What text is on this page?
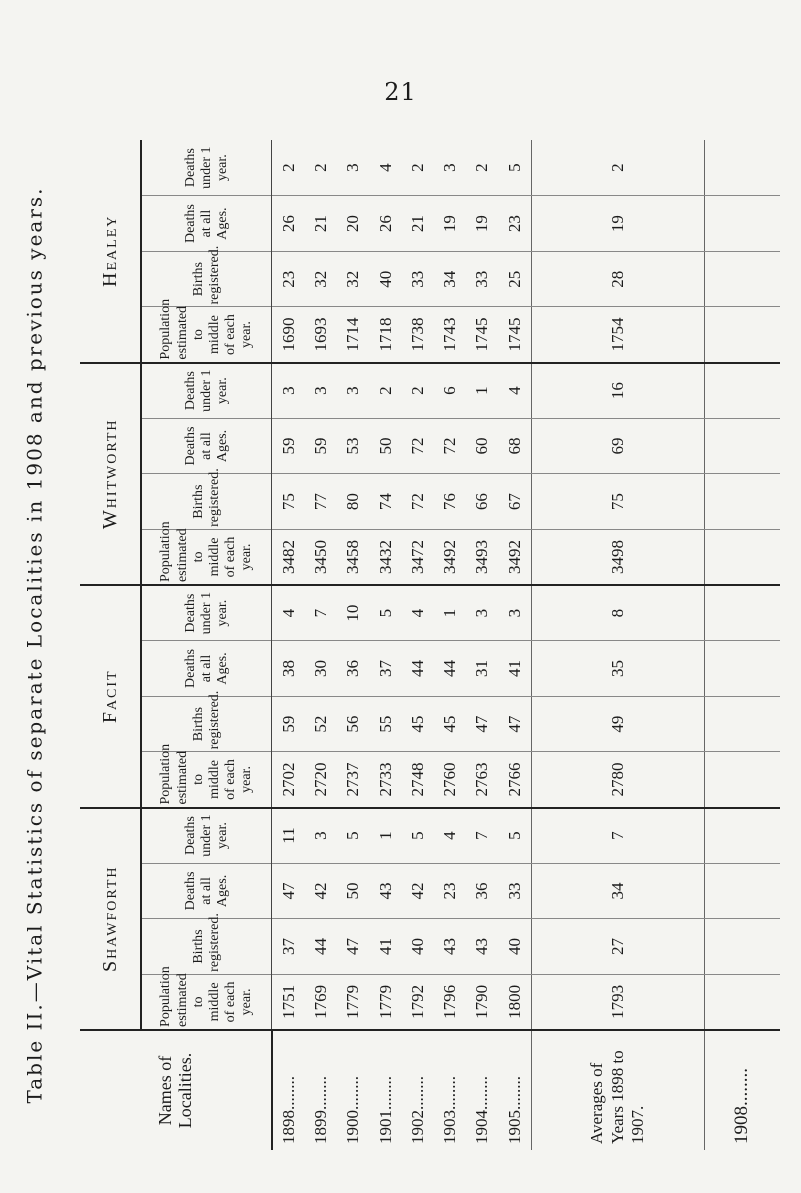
21
Table II.—Vital Statistics of separate Localities in 1908 and previous years.	Names of Localities.	Shawforth				Facit				Whitworth				Healey			
	Population estimated to middle of each year.	Births registered.	Deaths at all Ages.	Deaths under 1 year.	Population estimated to middle of each year.	Births registered.	Deaths at all Ages.	Deaths under 1 year.	Population estimated to middle of each year.	Births registered.	Deaths at all Ages.	Deaths under 1 year.	Population estimated to middle of each year.	Births registered.	Deaths at all Ages.	Deaths under 1 year.
1898........	1751	37	47	11	2702	59	38	4	3482	75	59	3	1690	23	26	2
1899........	1769	44	42	3	2720	52	30	7	3450	77	59	3	1693	32	21	2
1900........	1779	47	50	5	2737	56	36	10	3458	80	53	3	1714	32	20	3
1901........	1779	41	43	1	2733	55	37	5	3432	74	50	2	1718	40	26	4
1902........	1792	40	42	5	2748	45	44	4	3472	72	72	2	1738	33	21	2
1903........	1796	43	23	4	2760	45	44	1	3492	76	72	6	1743	34	19	3
1904........	1790	43	36	7	2763	47	31	3	3493	66	60	1	1745	33	19	2
1905........	1800	40	33	5	2766	47	41	3	3492	67	68	4	1745	25	23	5
Averages of Years 1898 to 1907.	1793	27	34	7	2780	49	35	8	3498	75	69	16	1754	28	19	2
1908........																
